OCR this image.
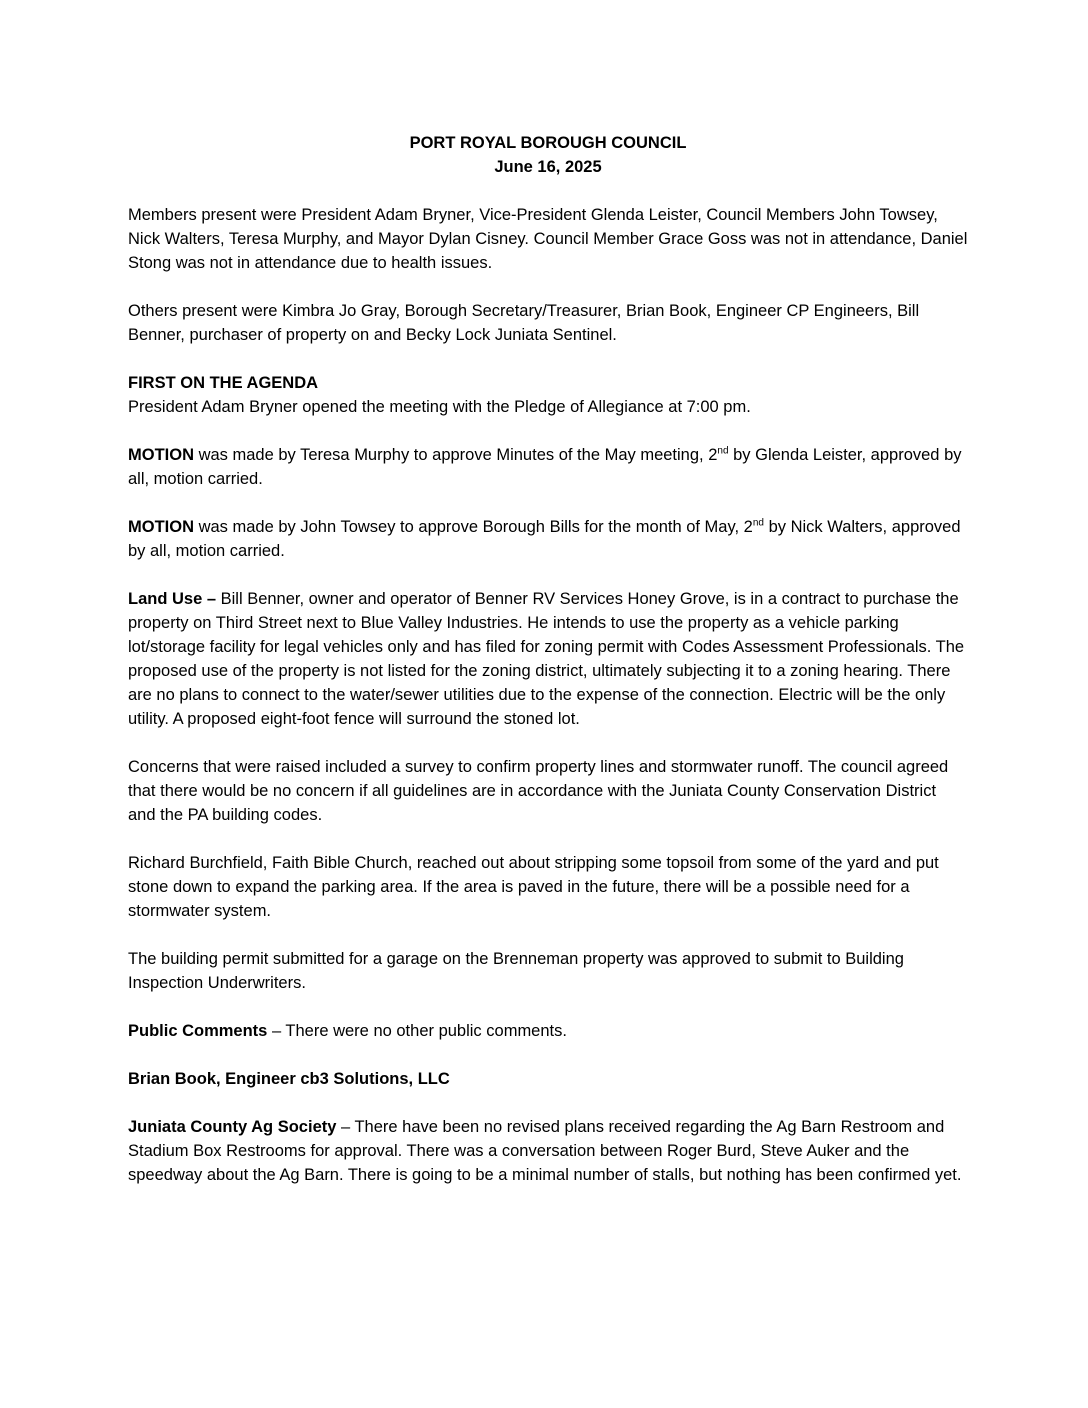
PORT ROYAL BOROUGH COUNCIL
June 16, 2025

Members present were President Adam Bryner, Vice-President Glenda Leister, Council Members John Towsey, Nick Walters, Teresa Murphy, and Mayor Dylan Cisney. Council Member Grace Goss was not in attendance, Daniel Stong was not in attendance due to health issues.

Others present were Kimbra Jo Gray, Borough Secretary/Treasurer, Brian Book, Engineer CP Engineers, Bill Benner, purchaser of property on and Becky Lock Juniata Sentinel.

FIRST ON THE AGENDA

President Adam Bryner opened the meeting with the Pledge of Allegiance at 7:00 pm.

MOTION was made by Teresa Murphy to approve Minutes of the May meeting, 2nd by Glenda Leister, approved by all, motion carried.

MOTION was made by John Towsey to approve Borough Bills for the month of May, 2nd by Nick Walters, approved by all, motion carried.

Land Use – Bill Benner, owner and operator of Benner RV Services Honey Grove, is in a contract to purchase the property on Third Street next to Blue Valley Industries. He intends to use the property as a vehicle parking lot/storage facility for legal vehicles only and has filed for zoning permit with Codes Assessment Professionals. The proposed use of the property is not listed for the zoning district, ultimately subjecting it to a zoning hearing. There are no plans to connect to the water/sewer utilities due to the expense of the connection. Electric will be the only utility. A proposed eight-foot fence will surround the stoned lot.

Concerns that were raised included a survey to confirm property lines and stormwater runoff. The council agreed that there would be no concern if all guidelines are in accordance with the Juniata County Conservation District and the PA building codes.

Richard Burchfield, Faith Bible Church, reached out about stripping some topsoil from some of the yard and put stone down to expand the parking area. If the area is paved in the future, there will be a possible need for a stormwater system.

The building permit submitted for a garage on the Brenneman property was approved to submit to Building Inspection Underwriters.

Public Comments – There were no other public comments.

Brian Book, Engineer cb3 Solutions, LLC

Juniata County Ag Society – There have been no revised plans received regarding the Ag Barn Restroom and Stadium Box Restrooms for approval. There was a conversation between Roger Burd, Steve Auker and the speedway about the Ag Barn. There is going to be a minimal number of stalls, but nothing has been confirmed yet.
